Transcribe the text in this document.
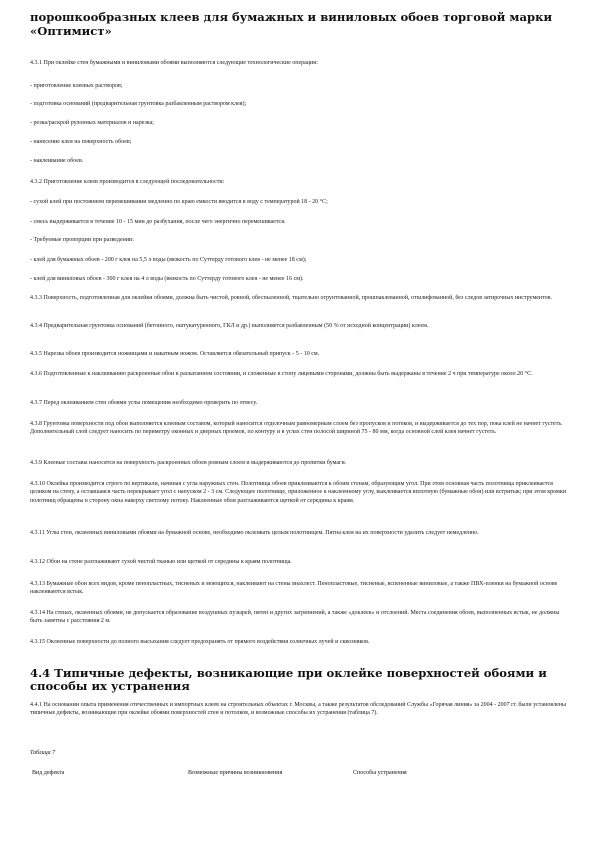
порошкообразных клеев для бумажных и виниловых обоев торговой марки «Оптимист»

4.3.1 При оклейке стен бумажными и виниловыми обоями выполняются следующие технологические операции:

- приготовление клеевых растворов;

- подготовка оснований (предварительная грунтовка разбавленным раствором клея);

- резка/раскрой рулонных материалов и нарезка;

- нанесение клея на поверхность обоев;

- наклеивание обоев.

4.3.2 Приготовление клеев производится в следующей последовательности:

- сухой клей при постоянном перемешивании медленно по краю емкости вводится в воду с температурой 18 - 20 °С;

- смесь выдерживается в течение 10 - 15 мин до разбухания, после чего энергично перемешивается.

- Требуемые пропорции при разведении:

- клей для бумажных обоев - 200 г клея на 5,5 л воды (вязкость по Суттерду готового клея - не менее 18 см);

- клей для виниловых обоев - 300 г клея на 4 л воды (вязкость по Суттерду готового клея - не менее 16 см).

4.3.3 Поверхность, подготовленная для оклейки обоями, должна быть чистой, ровной, обеспыленной, тщательно огрунтованной, прошпаклеванной, отшлифованной, без следов затирочных инструментов.

4.3.4 Предварительная грунтовка оснований (бетонного, оштукатуренного, ГКЛ и др.) выполняется разбавленным (50 % от исходной концентрации) клеем.

4.3.5 Нарезка обоев производится ножницами и накатным ножом. Оставляется обязательный припуск - 5 - 10 см.

4.3.6 Подготовленные к наклеиванию раскроенные обои в раскатанном состоянии, и сложенные в стопу лицевыми сторонами, должны быть выдержаны в течение 2 ч при температуре около 20 °С.

4.3.7 Перед оклеиванием стен обоями углы помещения необходимо проверить по отвесу.

4.3.8 Грунтовка поверхности под обои выполняется клеевым составом, который наносится отделочным равномерным слоем без пропусков и потеков, и выдерживается до тех пор, пока клей не начнет густеть. Дополнительный слой следует наносить по периметру оконных и дверных проемов, по контуру и в углах стен полосой шириной 75 - 80 мм, когда основной слой клея начнет густеть.

4.3.9 Клеевые составы наносятся на поверхность раскроенных обоев ровным слоем и выдерживаются до пропитки бумаги.

4.3.10 Оклейка производится строго по вертикали, начиная с угла наружных стен. Полотнища обоев приклеиваются к обоим стенам, образующим угол. При этом основная часть полотнища приклеивается целиком на стену, а оставшаяся часть перекрывает угол с напуском 2 - 3 см. Следующее полотнище, приложенное к наклеенному углу, выклеивается вплотную (бумажные обои) или встритык; при этом кромки полотнищ обращены в сторону окна наверху светлому потоку. Наклеенные обои разглаживаются щеткой от середины к краям.

4.3.11 Углы стен, оклеенных виниловыми обоями на бумажной основе, необходимо оклеивать целым полотнищем. Пятна клея на их поверхности удалить следует немедленно.

4.3.12 Обои на стене разглаживают сухой чистой тканью или щеткой от середины к краям полотнища.

4.3.13 Бумажные обои всех видов, кроме пенопластных, тисненых и моющихся, наклеивают на стены внахлест. Пенопластовые, тисненые, вспененные виниловые, а также ПВХ-пленки на бумажной основе наклеиваются встык.

4.3.14 На стенах, оклеенных обоями, не допускается образование воздушных пузырей, пятен и других загрязнений, а также «доклеек» и отслоений. Места соединения обоев, выполненных встык, не должны быть заметны с расстояния 2 м.

4.3.15 Оклеенные поверхности до полного высыхания следует предохранять от прямого воздействия солнечных лучей и сквозняков.

4.4 Типичные дефекты, возникающие при оклейке поверхностей обоями и способы их устранения

4.4.1 На основании опыта применения отечественных и импортных клеев на строительных объектах г. Москвы, а также результатов обследований Службы «Горячая линия» за 2004 - 2007 гг. были установлены типичные дефекты, возникающие при оклейке обоями поверхностей стен и потолков, и возможные способы их устранения (таблица 7).

Таблица 7

Вид дефекта	Возможные причины возникновения	Способы устранения
